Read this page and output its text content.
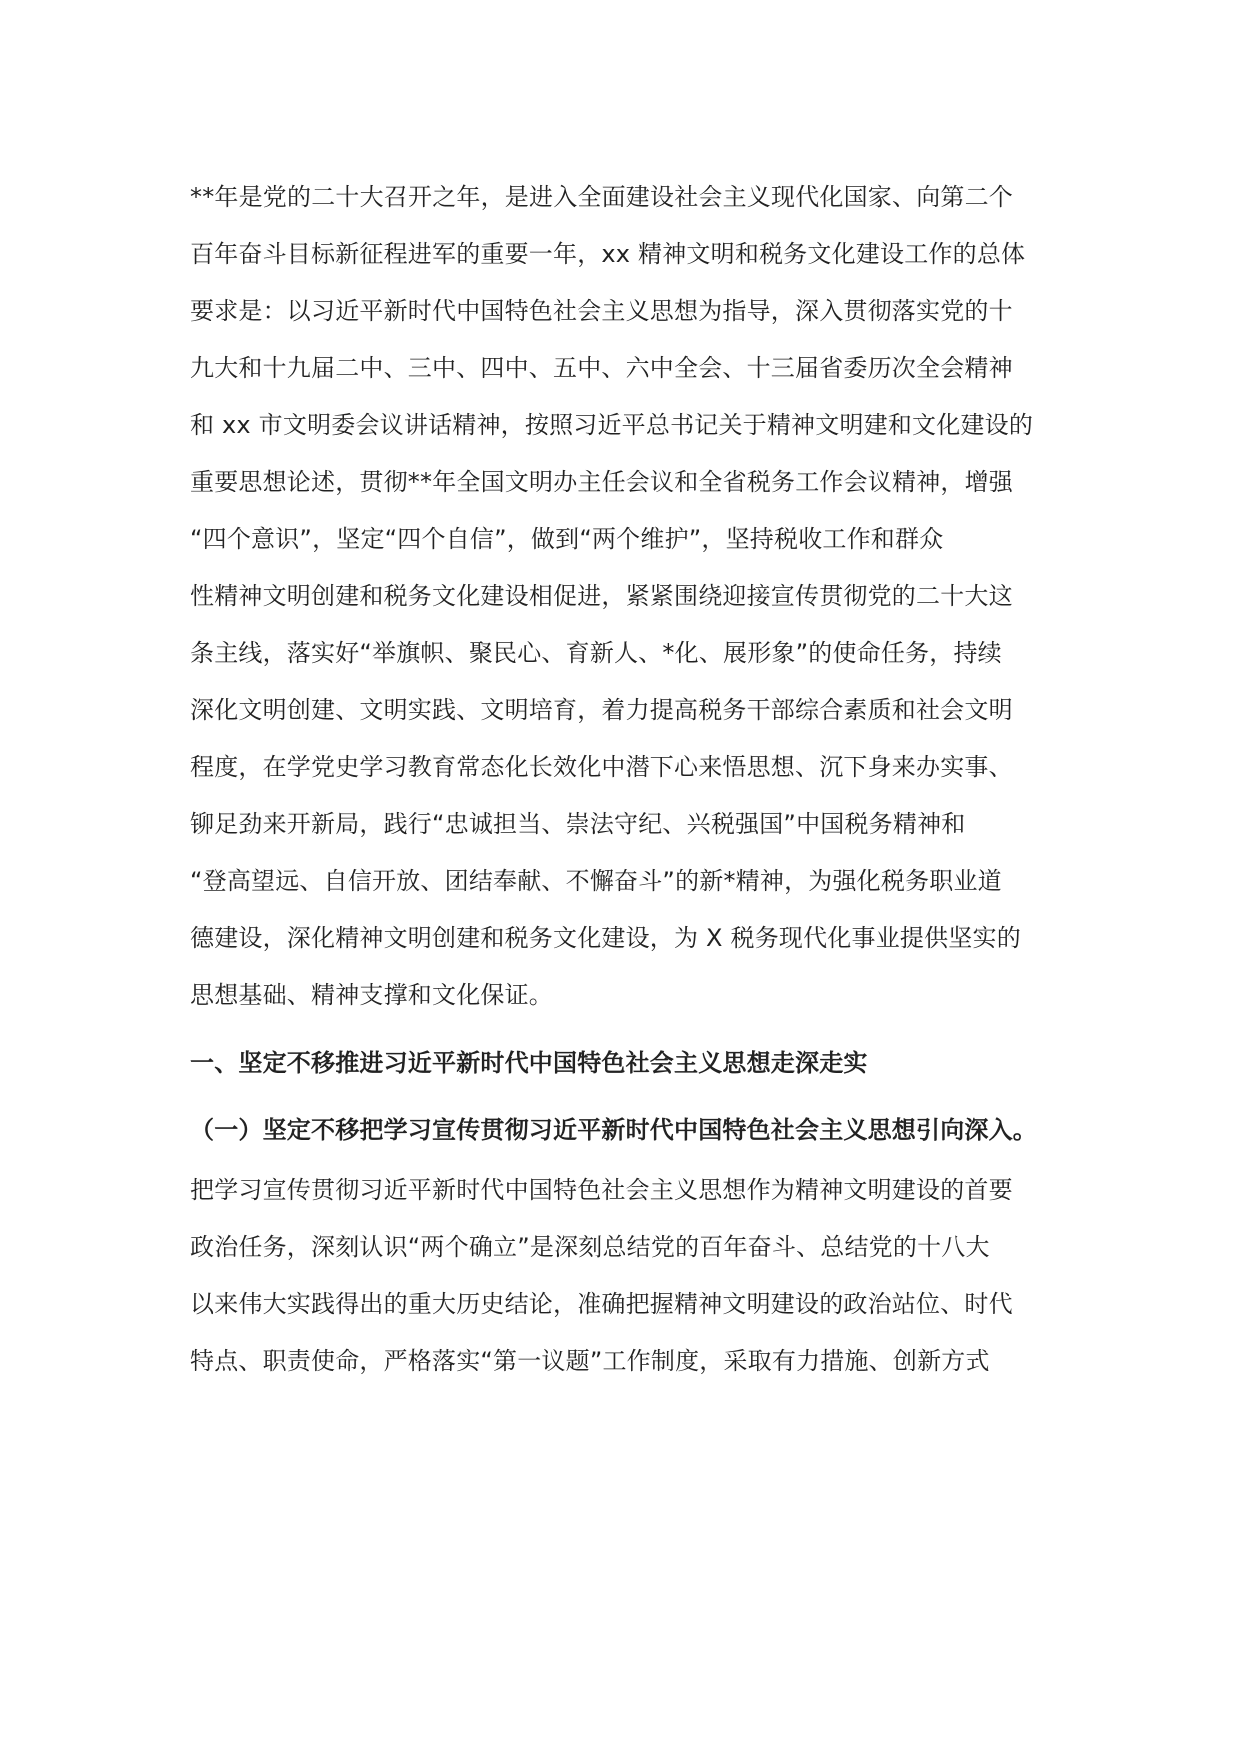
**年是党的二十大召开之年，是进入全面建设社会主义现代化国家、向第二个
百年奋斗目标新征程进军的重要一年，xx 精神文明和税务文化建设工作的总体
要求是：以习近平新时代中国特色社会主义思想为指导，深入贯彻落实党的十
九大和十九届二中、三中、四中、五中、六中全会、十三届省委历次全会精神
和 xx 市文明委会议讲话精神，按照习近平总书记关于精神文明建和文化建设的
重要思想论述，贯彻**年全国文明办主任会议和全省税务工作会议精神，增强
“四个意识”，坚定“四个自信”，做到“两个维护”，坚持税收工作和群众
性精神文明创建和税务文化建设相促进，紧紧围绕迎接宣传贯彻党的二十大这
条主线，落实好“举旗帜、聚民心、育新人、*化、展形象”的使命任务，持续
深化文明创建、文明实践、文明培育，着力提高税务干部综合素质和社会文明
程度，在学党史学习教育常态化长效化中潜下心来悟思想、沉下身来办实事、
铆足劲来开新局，践行“忠诚担当、崇法守纪、兴税强国”中国税务精神和
“登高望远、自信开放、团结奉献、不懈奋斗”的新*精神，为强化税务职业道
德建设，深化精神文明创建和税务文化建设，为 X 税务现代化事业提供坚实的
思想基础、精神支撑和文化保证。
一、坚定不移推进习近平新时代中国特色社会主义思想走深走实
（一）坚定不移把学习宣传贯彻习近平新时代中国特色社会主义思想引向深入。
把学习宣传贯彻习近平新时代中国特色社会主义思想作为精神文明建设的首要
政治任务，深刻认识“两个确立”是深刻总结党的百年奋斗、总结党的十八大
以来伟大实践得出的重大历史结论，准确把握精神文明建设的政治站位、时代
特点、职责使命，严格落实“第一议题”工作制度，采取有力措施、创新方式
